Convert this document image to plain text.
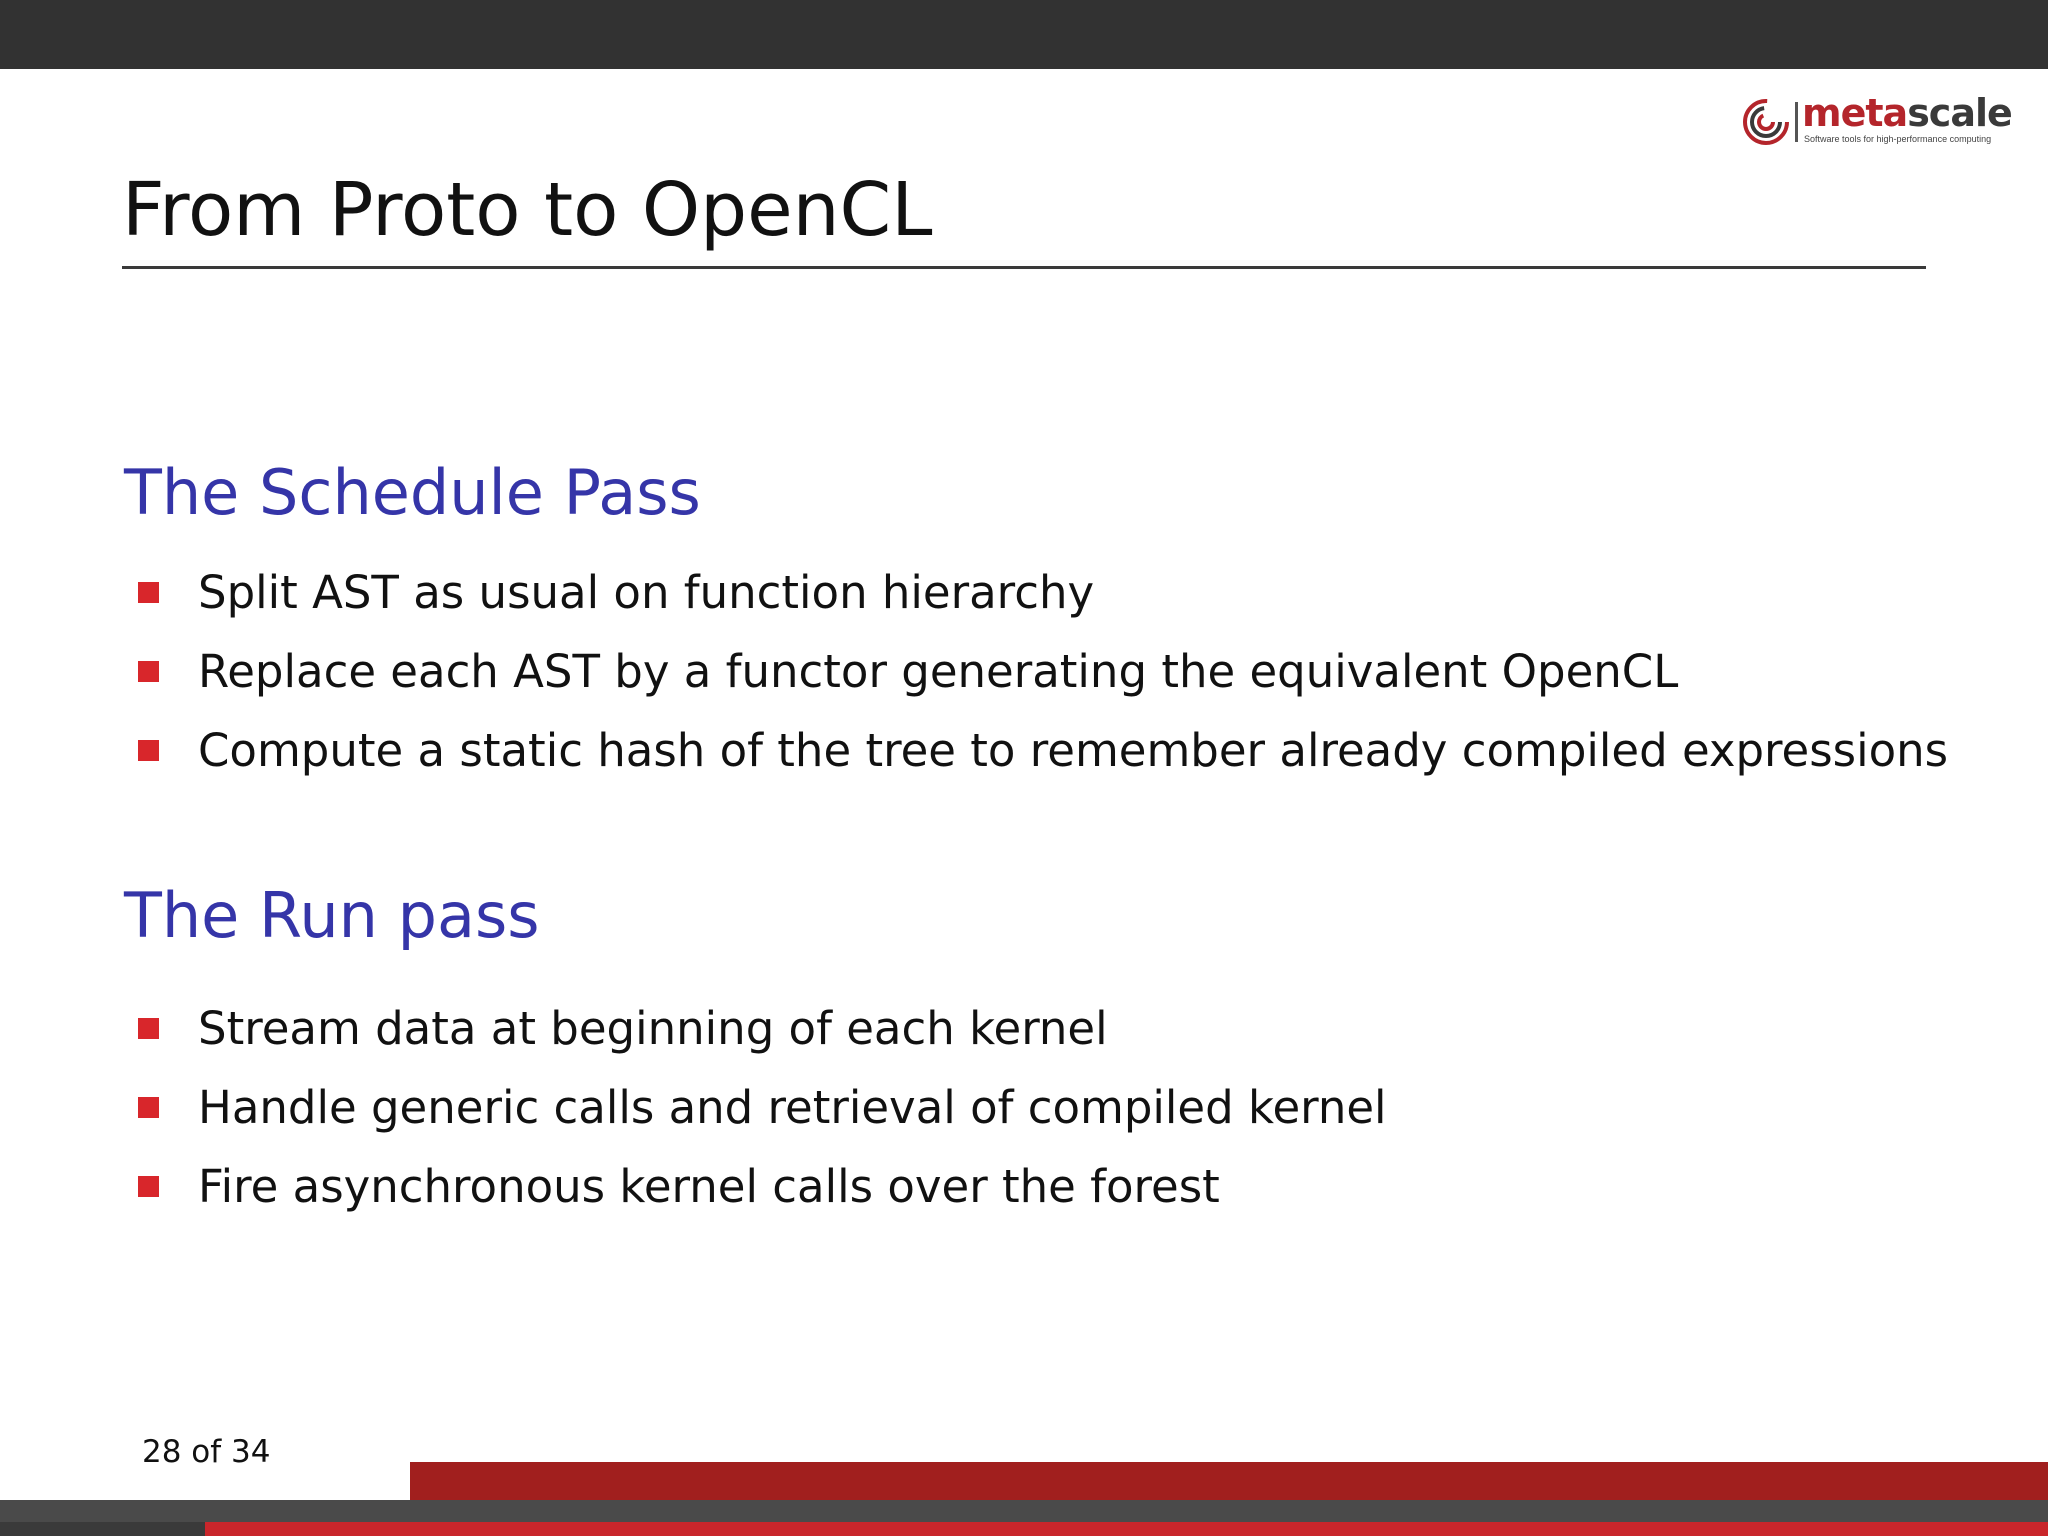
metascale
Software tools for high-performance computing
From Proto to OpenCL
The Schedule Pass
Split AST as usual on function hierarchy
Replace each AST by a functor generating the equivalent OpenCL
Compute a static hash of the tree to remember already compiled expressions
The Run pass
Stream data at beginning of each kernel
Handle generic calls and retrieval of compiled kernel
Fire asynchronous kernel calls over the forest
28 of 34
